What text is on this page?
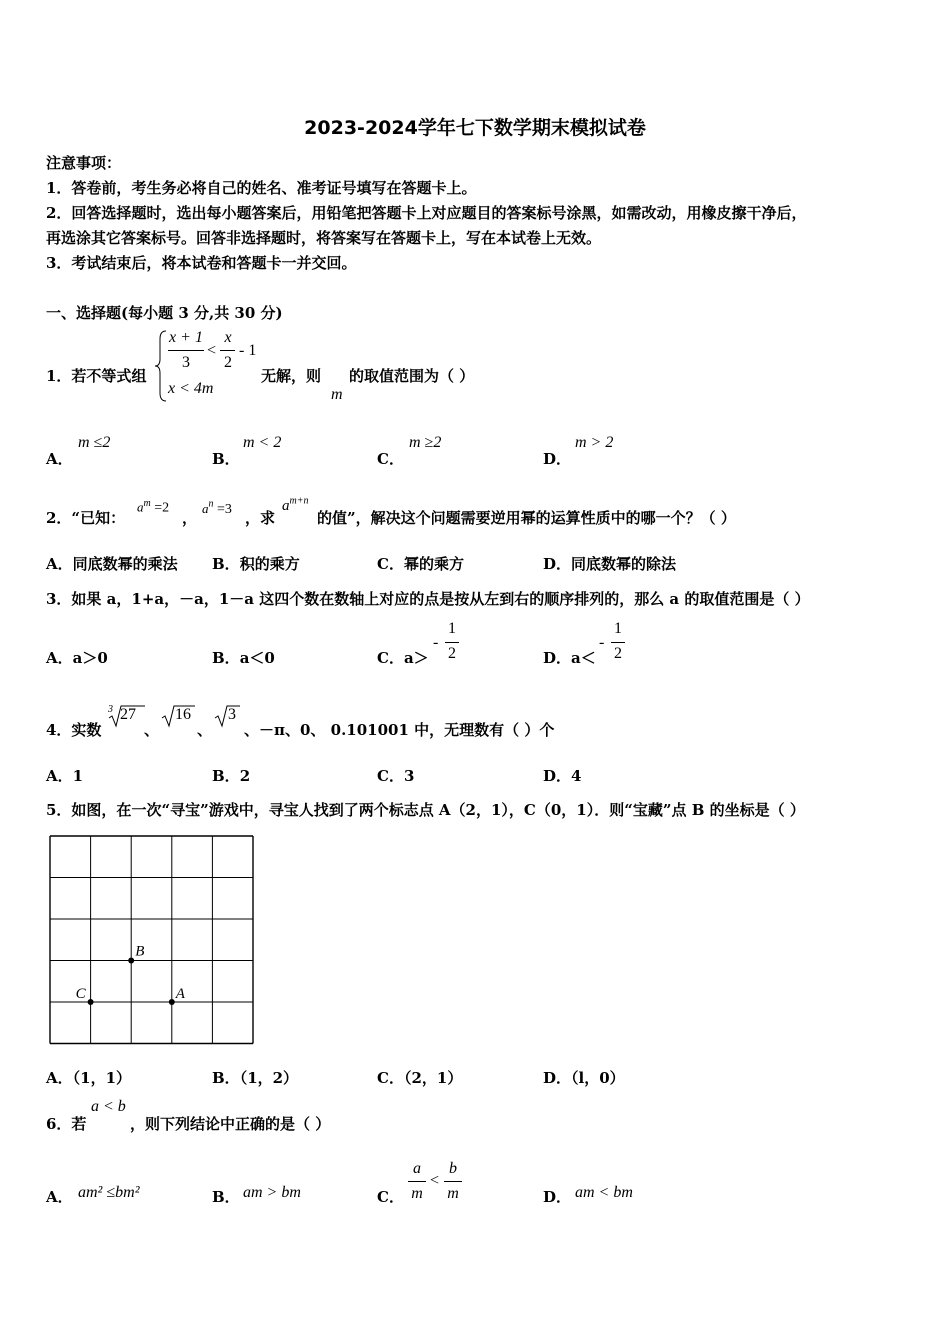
2023-2024学年七下数学期末模拟试卷
注意事项：
1．答卷前，考生务必将自己的姓名、准考证号填写在答题卡上。
2．回答选择题时，选出每小题答案后，用铅笔把答题卡上对应题目的答案标号涂黑，如需改动，用橡皮擦干净后，
再选涂其它答案标号。回答非选择题时，将答案写在答题卡上，写在本试卷上无效。
3．考试结束后，将本试卷和答题卡一并交回。
一、选择题(每小题 3 分,共 30 分)
1．若不等式组
x + 1
3
<
x
2
- 1
x < 4m
无解，则
m
的取值范围为（ ）
A．
m ≤2
B．
m < 2
C．
m ≥2
D．
m > 2
2．“已知：
$a^m =2$
，
$a^n =3$ ，求
$a^{m+n}$
的值”，解决这个问题需要逆用幂的运算性质中的哪一个？（ ）
A．同底数幂的乘法 B．积的乘方	C．幂的乘方	D．同底数幂的除法
3．如果 a，1+a，－a，1－a 这四个数在数轴上对应的点是按从左到右的顺序排列的，那么 a 的取值范围是（ ）
A．a＞0	B．a＜0	C．a＞
-
1
2	D．a＜
-
1
2
4．实数
3 27
、
16
、
3
、－π、0、 0.101001 中，无理数有（ ）个
A．1	B．2	C．3	D．4
5．如图，在一次“寻宝”游戏中，寻宝人找到了两个标志点 A（2，1），C（0，1）．则“宝藏”点 B 的坐标是（ ）
B
C	A
A．（1，1）	B．（1，2）	C．（2，1）	D．（l，0）
6．若
a < b
，则下列结论中正确的是（ ）
A． am² ≤bm²	B． am > bm	C．
a
m
<
b
m	D． am < bm
